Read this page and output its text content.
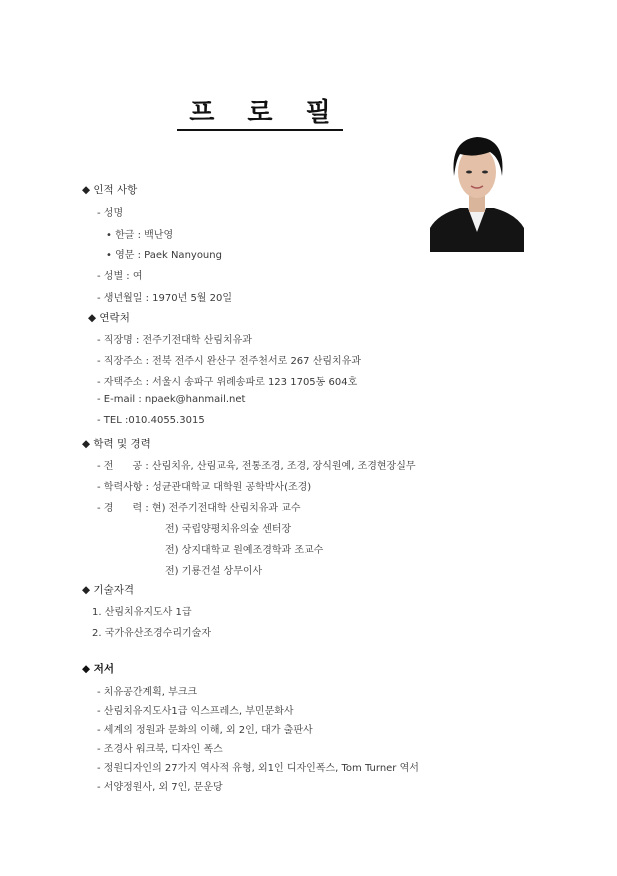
프 로 필
◆ 인적 사항
- 성명
• 한글 : 백난영
• 영문 : Paek Nanyoung
- 성별 : 여
- 생년월일 : 1970년 5월 20일
◆ 연락처
- 직장명 : 전주기전대학 산림치유과
- 직장주소 : 전북 전주시 완산구 전주천서로 267 산림치유과
- 자택주소 : 서울시 송파구 위례송파로 123 1705동 604호
- E-mail : npaek@hanmail.net
- TEL :010.4055.3015
◆ 학력 및 경력
- 전      공 : 산림치유, 산림교육, 전통조경, 조경, 장식원예, 조경현장실무
- 학력사항 : 성균관대학교 대학원 공학박사(조경)
- 경      력 : 현) 전주기전대학 산림치유과 교수
전) 국립양평치유의숲 센터장
전) 상지대학교 원예조경학과 조교수
전) 기룡건설 상무이사
◆ 기술자격
1. 산림치유지도사 1급
2. 국가유산조경수리기술자
◆ 저서
- 치유공간계획, 부크크
- 산림치유지도사1급 익스프레스, 부민문화사
- 세계의 정원과 문화의 이해, 외 2인, 대가 출판사
- 조경사 워크북, 디자인 폭스
- 정원디자인의 27가지 역사적 유형, 외1인 디자인폭스, Tom Turner 역서
- 서양정원사, 외 7인, 문운당
